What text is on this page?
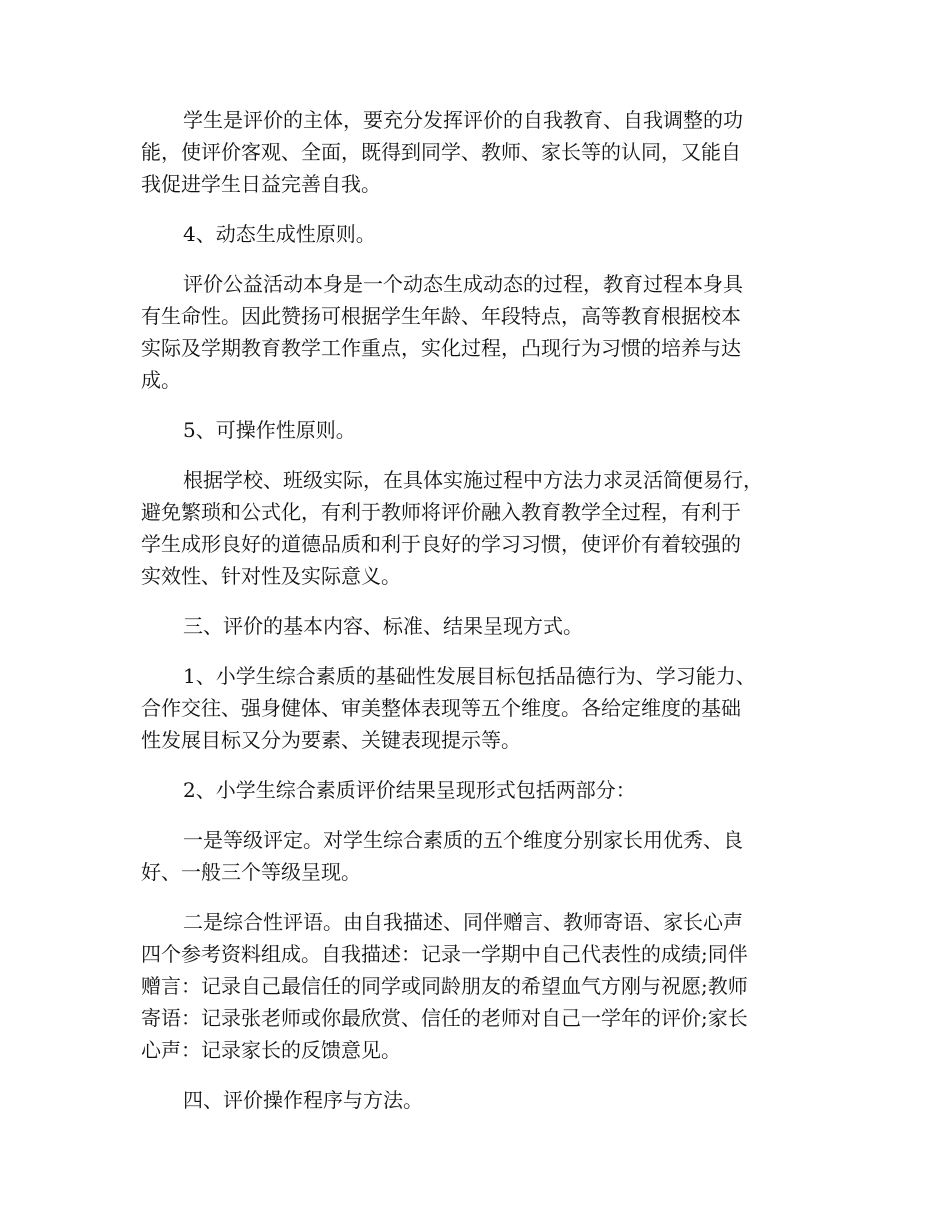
学生是评价的主体，要充分发挥评价的自我教育、自我调整的功
能，使评价客观、全面，既得到同学、教师、家长等的认同，又能自
我促进学生日益完善自我。

4、动态生成性原则。

评价公益活动本身是一个动态生成动态的过程，教育过程本身具
有生命性。因此赞扬可根据学生年龄、年段特点，高等教育根据校本
实际及学期教育教学工作重点，实化过程，凸现行为习惯的培养与达
成。

5、可操作性原则。

根据学校、班级实际，在具体实施过程中方法力求灵活简便易行，
避免繁琐和公式化，有利于教师将评价融入教育教学全过程，有利于
学生成形良好的道德品质和利于良好的学习习惯，使评价有着较强的
实效性、针对性及实际意义。

三、评价的基本内容、标准、结果呈现方式。

1、小学生综合素质的基础性发展目标包括品德行为、学习能力、
合作交往、强身健体、审美整体表现等五个维度。各给定维度的基础
性发展目标又分为要素、关键表现提示等。

2、小学生综合素质评价结果呈现形式包括两部分：

一是等级评定。对学生综合素质的五个维度分别家长用优秀、良
好、一般三个等级呈现。

二是综合性评语。由自我描述、同伴赠言、教师寄语、家长心声
四个参考资料组成。自我描述：记录一学期中自己代表性的成绩;同伴
赠言：记录自己最信任的同学或同龄朋友的希望血气方刚与祝愿;教师
寄语：记录张老师或你最欣赏、信任的老师对自己一学年的评价;家长
心声：记录家长的反馈意见。

四、评价操作程序与方法。
